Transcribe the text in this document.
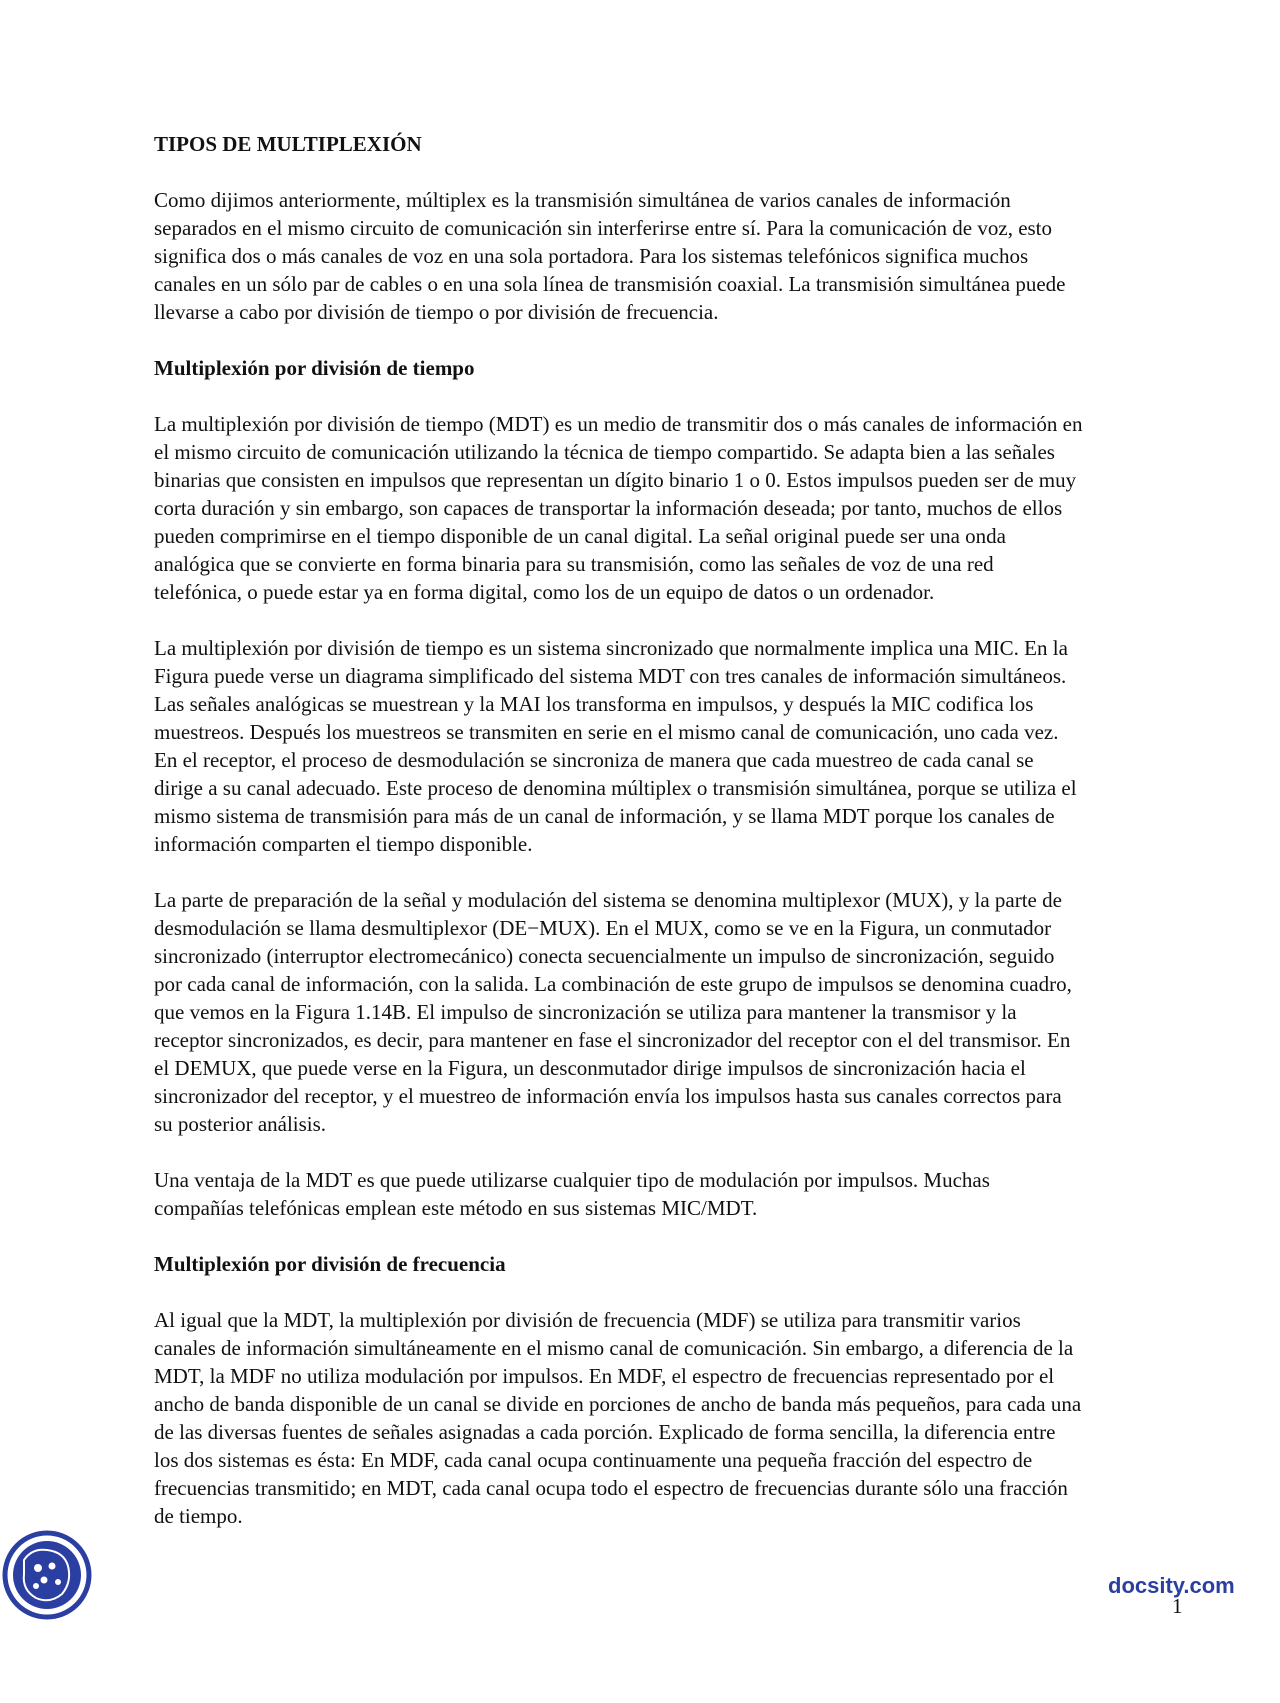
TIPOS DE MULTIPLEXIÓN

Como dijimos anteriormente, múltiplex es la transmisión simultánea de varios canales de información
separados en el mismo circuito de comunicación sin interferirse entre sí. Para la comunicación de voz, esto
significa dos o más canales de voz en una sola portadora. Para los sistemas telefónicos significa muchos
canales en un sólo par de cables o en una sola línea de transmisión coaxial. La transmisión simultánea puede
llevarse a cabo por división de tiempo o por división de frecuencia.

Multiplexión por división de tiempo

La multiplexión por división de tiempo (MDT) es un medio de transmitir dos o más canales de información en
el mismo circuito de comunicación utilizando la técnica de tiempo compartido. Se adapta bien a las señales
binarias que consisten en impulsos que representan un dígito binario 1 o 0. Estos impulsos pueden ser de muy
corta duración y sin embargo, son capaces de transportar la información deseada; por tanto, muchos de ellos
pueden comprimirse en el tiempo disponible de un canal digital. La señal original puede ser una onda
analógica que se convierte en forma binaria para su transmisión, como las señales de voz de una red
telefónica, o puede estar ya en forma digital, como los de un equipo de datos o un ordenador.

La multiplexión por división de tiempo es un sistema sincronizado que normalmente implica una MIC. En la
Figura puede verse un diagrama simplificado del sistema MDT con tres canales de información simultáneos.
Las señales analógicas se muestrean y la MAI los transforma en impulsos, y después la MIC codifica los
muestreos. Después los muestreos se transmiten en serie en el mismo canal de comunicación, uno cada vez.
En el receptor, el proceso de desmodulación se sincroniza de manera que cada muestreo de cada canal se
dirige a su canal adecuado. Este proceso de denomina múltiplex o transmisión simultánea, porque se utiliza el
mismo sistema de transmisión para más de un canal de información, y se llama MDT porque los canales de
información comparten el tiempo disponible.

La parte de preparación de la señal y modulación del sistema se denomina multiplexor (MUX), y la parte de
desmodulación se llama desmultiplexor (DE−MUX). En el MUX, como se ve en la Figura, un conmutador
sincronizado (interruptor electromecánico) conecta secuencialmente un impulso de sincronización, seguido
por cada canal de información, con la salida. La combinación de este grupo de impulsos se denomina cuadro,
que vemos en la Figura 1.14B. El impulso de sincronización se utiliza para mantener la transmisor y la
receptor sincronizados, es decir, para mantener en fase el sincronizador del receptor con el del transmisor. En
el DEMUX, que puede verse en la Figura, un desconmutador dirige impulsos de sincronización hacia el
sincronizador del receptor, y el muestreo de información envía los impulsos hasta sus canales correctos para
su posterior análisis.

Una ventaja de la MDT es que puede utilizarse cualquier tipo de modulación por impulsos. Muchas
compañías telefónicas emplean este método en sus sistemas MIC/MDT.

Multiplexión por división de frecuencia

Al igual que la MDT, la multiplexión por división de frecuencia (MDF) se utiliza para transmitir varios
canales de información simultáneamente en el mismo canal de comunicación. Sin embargo, a diferencia de la
MDT, la MDF no utiliza modulación por impulsos. En MDF, el espectro de frecuencias representado por el
ancho de banda disponible de un canal se divide en porciones de ancho de banda más pequeños, para cada una
de las diversas fuentes de señales asignadas a cada porción. Explicado de forma sencilla, la diferencia entre
los dos sistemas es ésta: En MDF, cada canal ocupa continuamente una pequeña fracción del espectro de
frecuencias transmitido; en MDT, cada canal ocupa todo el espectro de frecuencias durante sólo una fracción
de tiempo.

docsity.com
1
